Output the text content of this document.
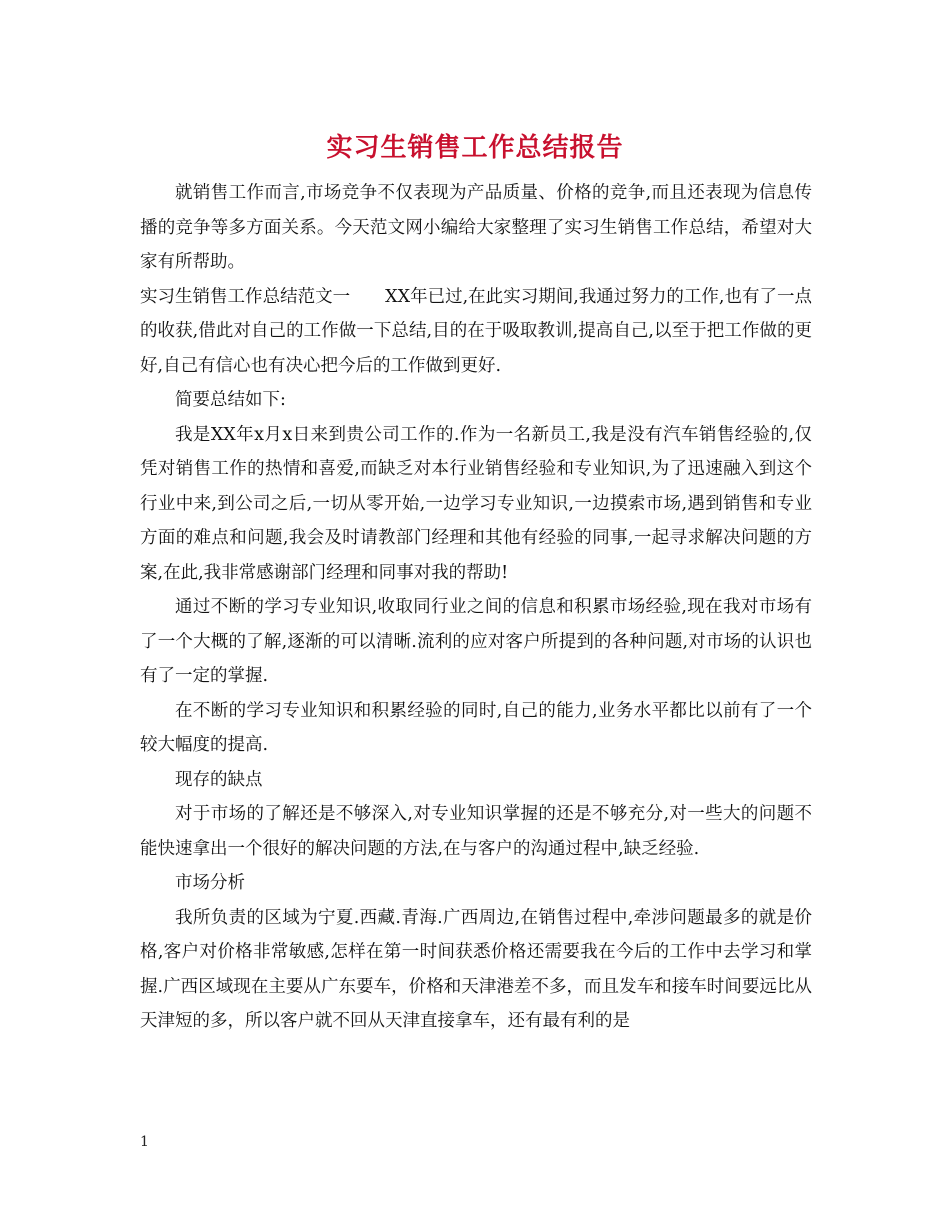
实习生销售工作总结报告

就销售工作而言,市场竞争不仅表现为产品质量、价格的竞争,而且还表现为信息传播的竞争等多方面关系。今天范文网小编给大家整理了实习生销售工作总结，希望对大家有所帮助。

实习生销售工作总结范文一　　XX年已过,在此实习期间,我通过努力的工作,也有了一点的收获,借此对自己的工作做一下总结,目的在于吸取教训,提高自己,以至于把工作做的更好,自己有信心也有决心把今后的工作做到更好.

简要总结如下:

我是XX年x月x日来到贵公司工作的.作为一名新员工,我是没有汽车销售经验的,仅凭对销售工作的热情和喜爱,而缺乏对本行业销售经验和专业知识,为了迅速融入到这个行业中来,到公司之后,一切从零开始,一边学习专业知识,一边摸索市场,遇到销售和专业方面的难点和问题,我会及时请教部门经理和其他有经验的同事,一起寻求解决问题的方案,在此,我非常感谢部门经理和同事对我的帮助!

通过不断的学习专业知识,收取同行业之间的信息和积累市场经验,现在我对市场有了一个大概的了解,逐渐的可以清晰.流利的应对客户所提到的各种问题,对市场的认识也有了一定的掌握.

在不断的学习专业知识和积累经验的同时,自己的能力,业务水平都比以前有了一个较大幅度的提高.

现存的缺点

对于市场的了解还是不够深入,对专业知识掌握的还是不够充分,对一些大的问题不能快速拿出一个很好的解决问题的方法,在与客户的沟通过程中,缺乏经验.

市场分析

我所负责的区域为宁夏.西藏.青海.广西周边,在销售过程中,牵涉问题最多的就是价格,客户对价格非常敏感,怎样在第一时间获悉价格还需要我在今后的工作中去学习和掌握.广西区域现在主要从广东要车，价格和天津港差不多，而且发车和接车时间要远比从天津短的多，所以客户就不回从天津直接拿车，还有最有利的是

1
